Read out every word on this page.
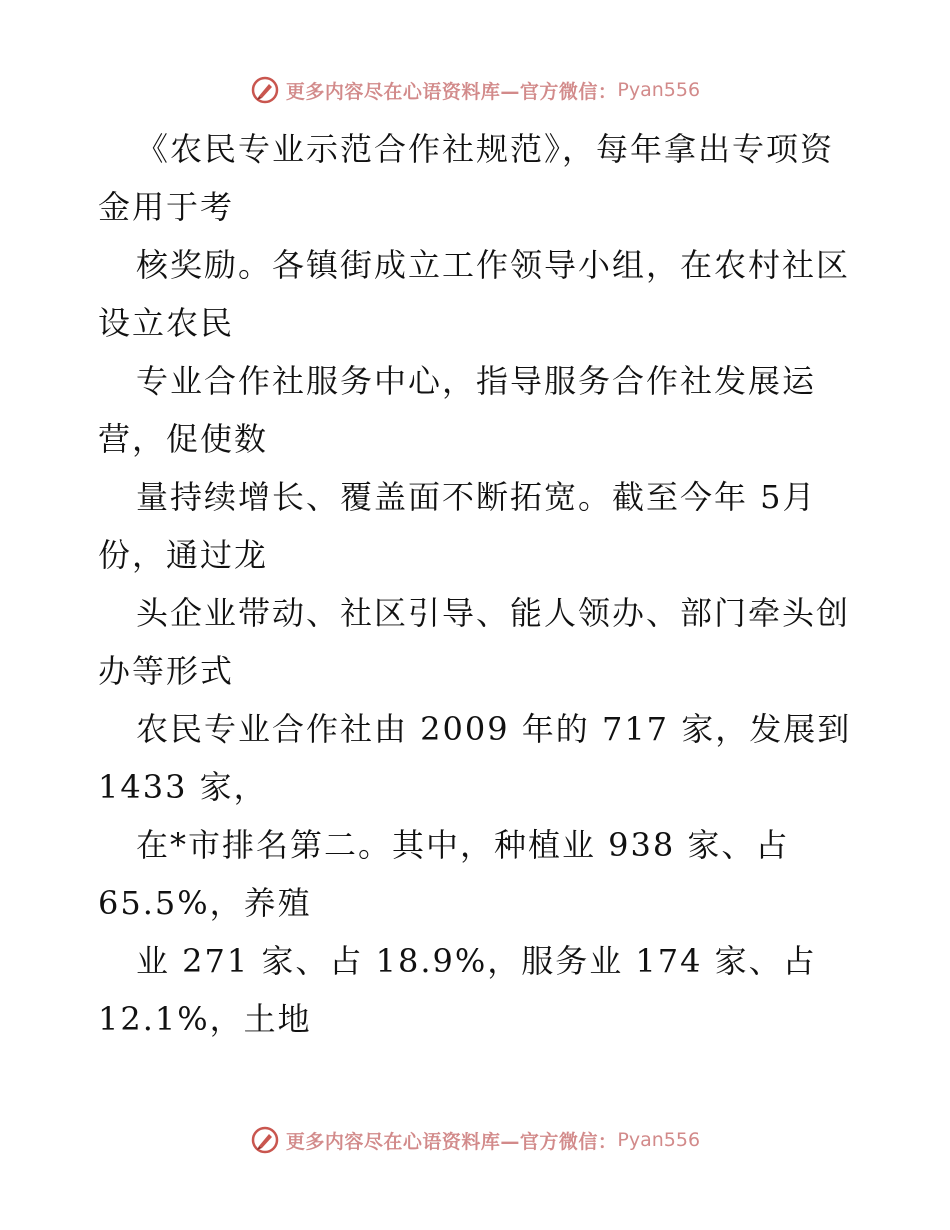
更多内容尽在心语资料库—官方微信： Pyan556

《农民专业示范合作社规范》，每年拿出专项资
金用于考

核奖励。各镇街成立工作领导小组，在农村社区
设立农民

专业合作社服务中心，指导服务合作社发展运
营，促使数

量持续增长、覆盖面不断拓宽。截至今年 5月
份，通过龙

头企业带动、社区引导、能人领办、部门牵头创
办等形式

农民专业合作社由 2009 年的 717 家，发展到
1433 家，

在*市排名第二。其中，种植业 938 家、占
65.5%，养殖

业 271 家、占 18.9%，服务业 174 家、占
12.1%，土地

更多内容尽在心语资料库—官方微信： Pyan556
